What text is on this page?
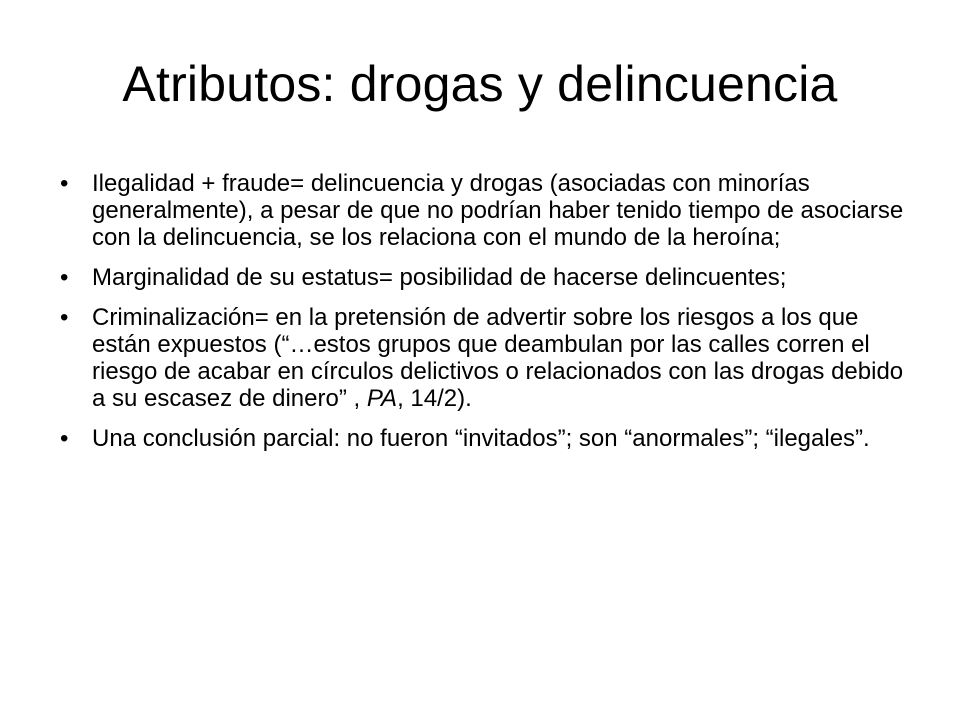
Atributos: drogas y delincuencia
• Ilegalidad + fraude= delincuencia y drogas (asociadas con minorías generalmente), a pesar de que no podrían haber tenido tiempo de asociarse con la delincuencia, se los relaciona con el mundo de la heroína;
• Marginalidad de su estatus= posibilidad de hacerse delincuentes;
• Criminalización= en la pretensión de advertir sobre los riesgos a los que están expuestos (“…estos grupos que deambulan por las calles corren el riesgo de acabar en círculos delictivos o relacionados con las drogas debido a su escasez de dinero” , PA, 14/2).
• Una conclusión parcial: no fueron “invitados”; son “anormales”; “ilegales”.
